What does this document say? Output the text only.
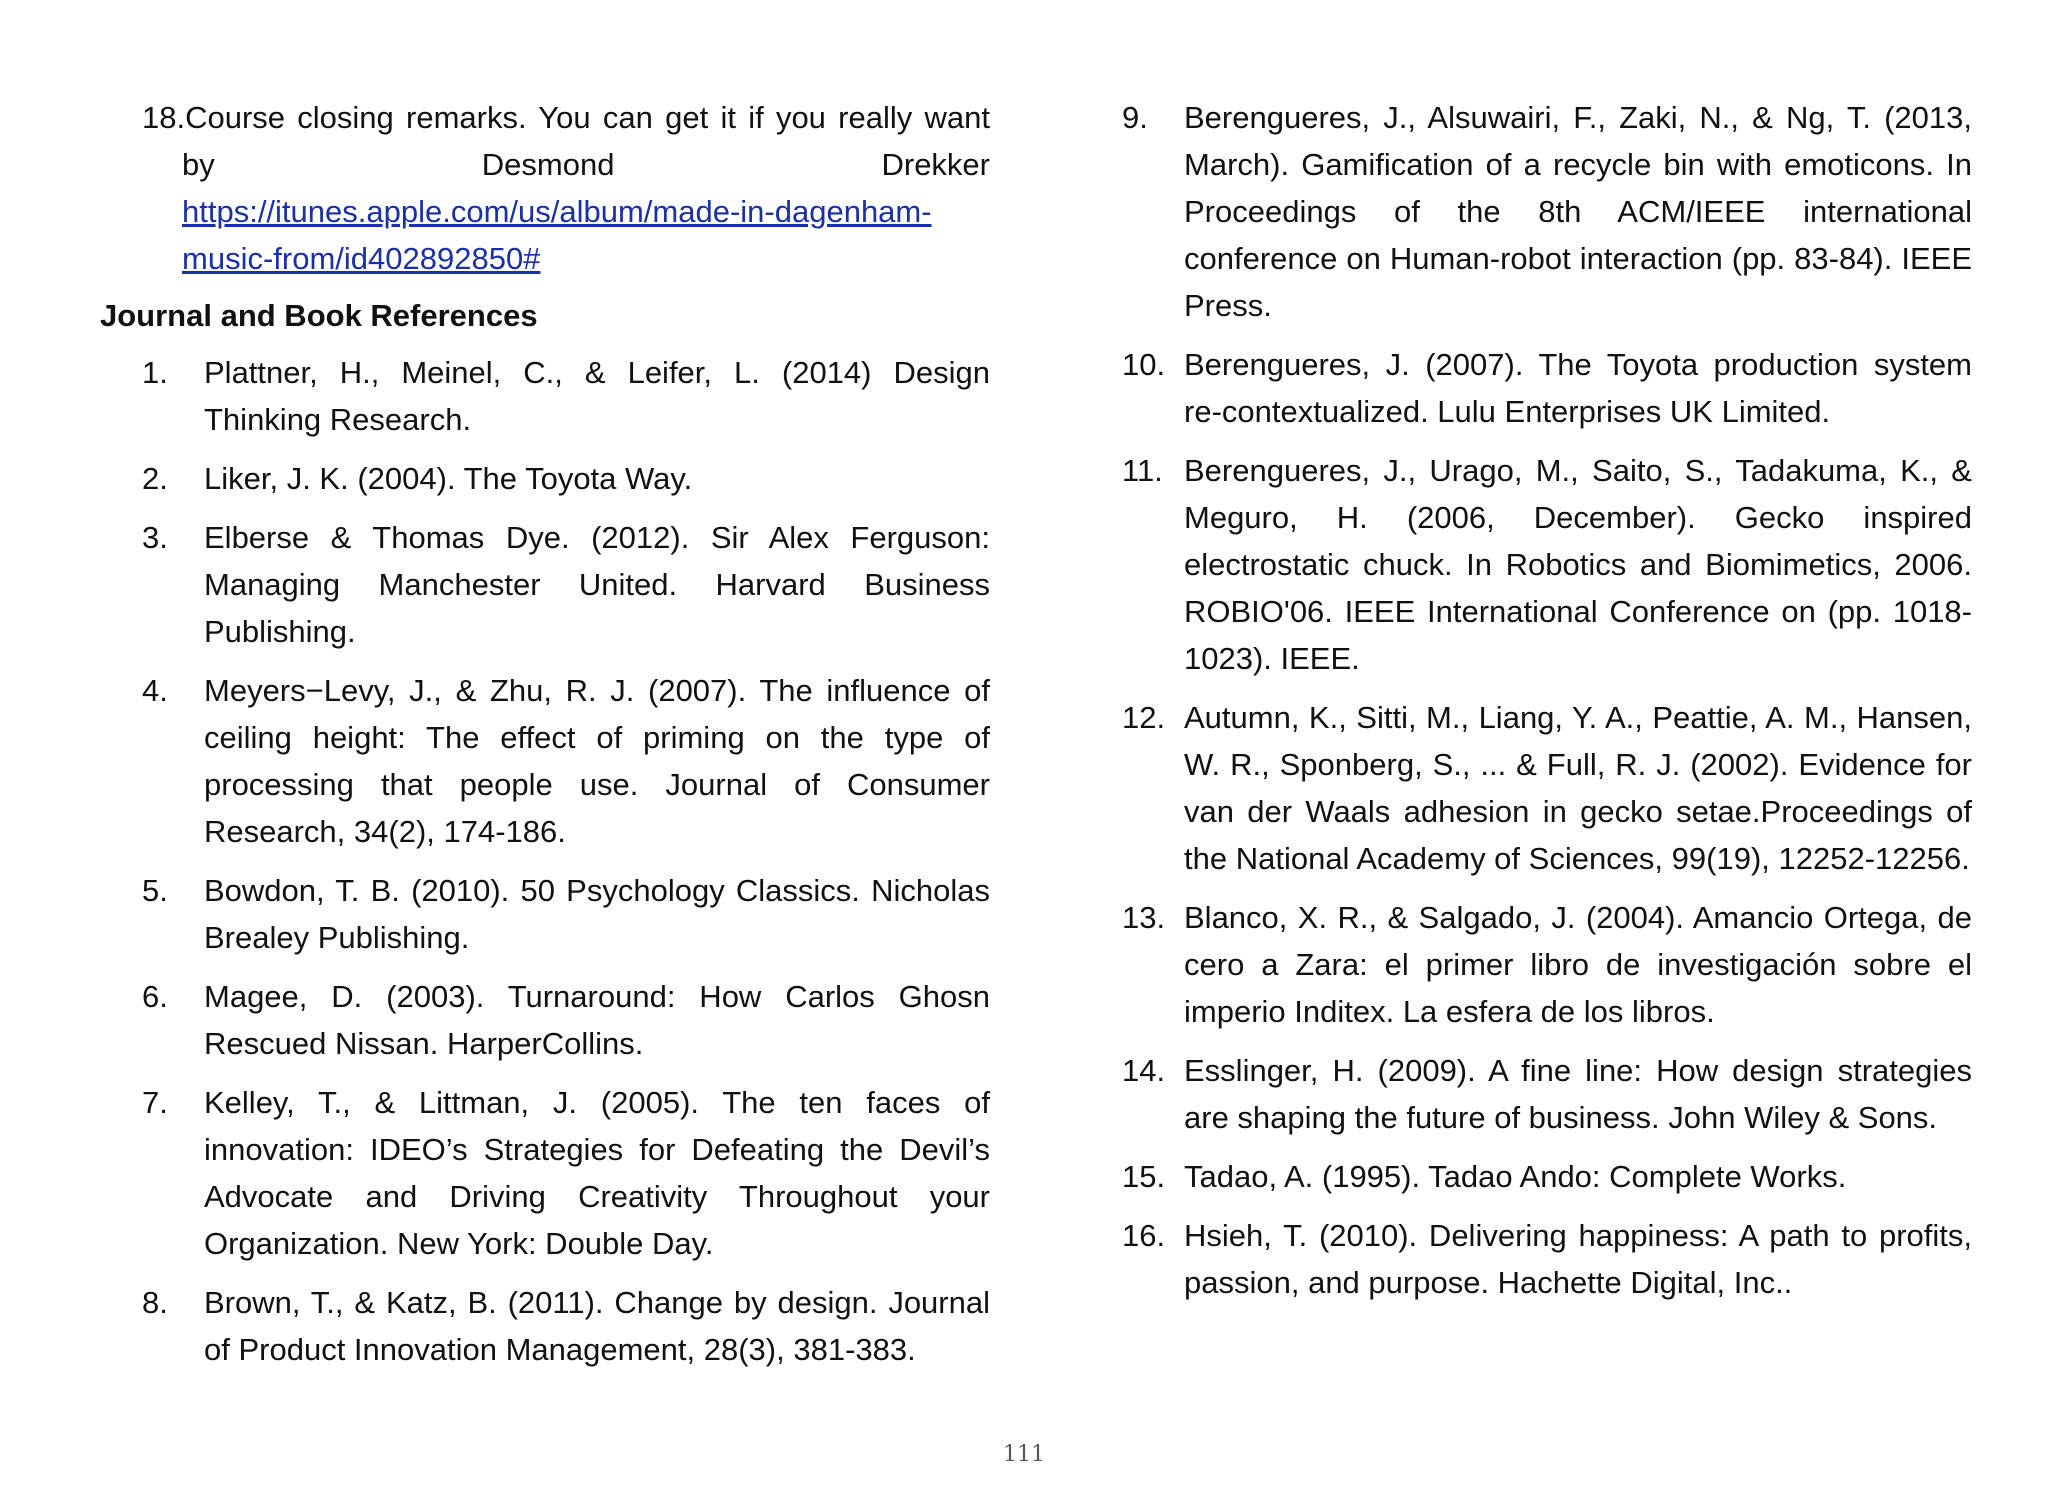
18.Course closing remarks. You can get it if you really want by Desmond Drekker https://itunes.apple.com/us/album/made-in-dagenham-music-from/id402892850#
Journal and Book References
1. Plattner, H., Meinel, C., & Leifer, L. (2014) Design Thinking Research.
2. Liker, J. K. (2004). The Toyota Way.
3. Elberse & Thomas Dye. (2012). Sir Alex Ferguson: Managing Manchester United. Harvard Business Publishing.
4. Meyers−Levy, J., & Zhu, R. J. (2007). The influence of ceiling height: The effect of priming on the type of processing that people use. Journal of Consumer Research, 34(2), 174-186.
5. Bowdon, T. B. (2010). 50 Psychology Classics. Nicholas Brealey Publishing.
6. Magee, D. (2003). Turnaround: How Carlos Ghosn Rescued Nissan. HarperCollins.
7. Kelley, T., & Littman, J. (2005). The ten faces of innovation: IDEO’s Strategies for Defeating the Devil’s Advocate and Driving Creativity Throughout your Organization. New York: Double Day.
8. Brown, T., & Katz, B. (2011). Change by design. Journal of Product Innovation Management, 28(3), 381-383.
9. Berengueres, J., Alsuwairi, F., Zaki, N., & Ng, T. (2013, March). Gamification of a recycle bin with emoticons. In Proceedings of the 8th ACM/IEEE international conference on Human-robot interaction (pp. 83-84). IEEE Press.
10. Berengueres, J. (2007). The Toyota production system re-contextualized. Lulu Enterprises UK Limited.
11. Berengueres, J., Urago, M., Saito, S., Tadakuma, K., & Meguro, H. (2006, December). Gecko inspired electrostatic chuck. In Robotics and Biomimetics, 2006. ROBIO'06. IEEE International Conference on (pp. 1018-1023). IEEE.
12. Autumn, K., Sitti, M., Liang, Y. A., Peattie, A. M., Hansen, W. R., Sponberg, S., ... & Full, R. J. (2002). Evidence for van der Waals adhesion in gecko setae.Proceedings of the National Academy of Sciences, 99(19), 12252-12256.
13. Blanco, X. R., & Salgado, J. (2004). Amancio Ortega, de cero a Zara: el primer libro de investigación sobre el imperio Inditex. La esfera de los libros.
14. Esslinger, H. (2009). A fine line: How design strategies are shaping the future of business. John Wiley & Sons.
15. Tadao, A. (1995). Tadao Ando: Complete Works.
16. Hsieh, T. (2010). Delivering happiness: A path to profits, passion, and purpose. Hachette Digital, Inc..
111
